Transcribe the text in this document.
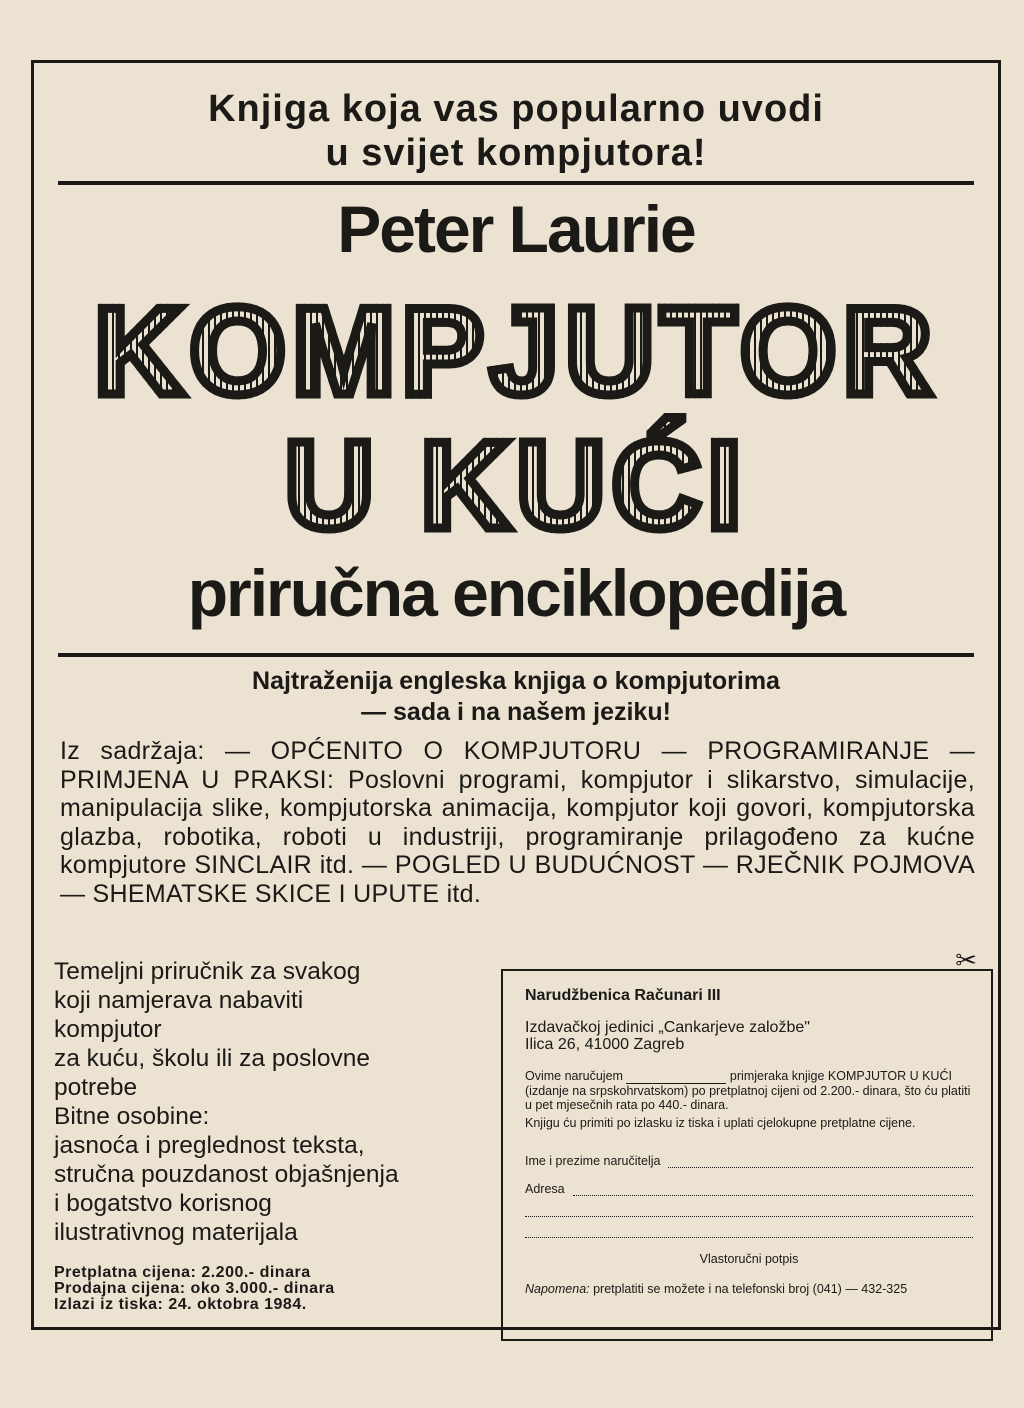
Knjiga koja vas popularno uvodi
u svijet kompjutora!
Peter Laurie
KOMPJUTOR
U KUĆI
priručna enciklopedija
Najtraženija engleska knjiga o kompjutorima
— sada i na našem jeziku!
Iz sadržaja: — OPĆENITO O KOMPJUTORU — PROGRAMIRANJE — PRIMJENA U PRAKSI: Poslovni programi, kompjutor i slikarstvo, simulacije, manipulacija slike, kompjutorska animacija, kompjutor koji govori, kompjutorska glazba, robotika, roboti u industriji, programiranje prilagođeno za kućne kompjutore SINCLAIR itd. — POGLED U BUDUĆNOST — RJEČNIK POJMOVA — SHEMATSKE SKICE I UPUTE itd.
Temeljni priručnik za svakog
koji namjerava nabaviti
kompjutor
za kuću, školu ili za poslovne
potrebe
Bitne osobine:
jasnoća i preglednost teksta,
stručna pouzdanost objašnjenja
i bogatstvo korisnog
ilustrativnog materijala
Pretplatna cijena: 2.200.- dinara
Prodajna cijena: oko 3.000.- dinara
Izlazi iz tiska: 24. oktobra 1984.
✂
Narudžbenica Računari III
Izdavačkoj jedinici „Cankarjeve založbe"
Ilica 26, 41000 Zagreb

Ovime naručujem	primjeraka knjige KOMPJUTOR U KUĆI (izdanje na srpskohrvatskom) po pretplatnoj cijeni od 2.200.- dinara, što ću platiti u pet mjesečnih rata po 440.- dinara.

Knjigu ću primiti po izlasku iz tiska i uplati cjelokupne pretplatne cijene.

Ime i prezime naručitelja
Adresa
Vlastoručni potpis
Napomena: pretplatiti se možete i na telefonski broj (041) — 432-325
